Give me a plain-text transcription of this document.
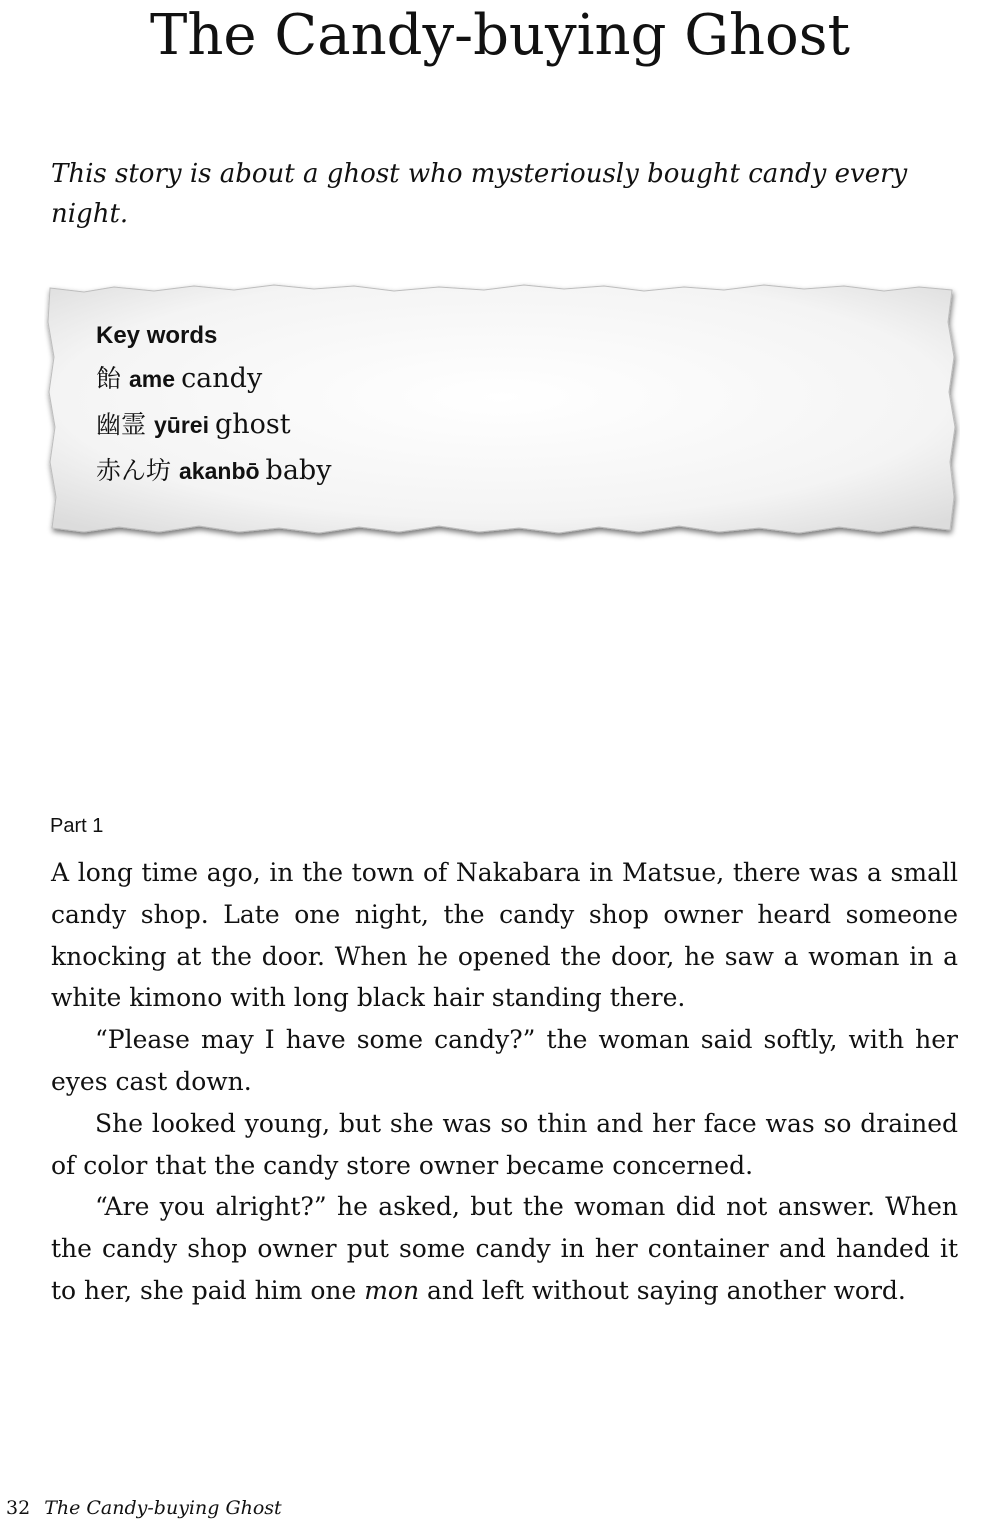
The Candy-buying Ghost

This story is about a ghost who mysteriously bought candy every night.

Key words

飴 ame candy

幽霊 yūrei ghost

赤ん坊 akanbō baby

Part 1

A long time ago, in the town of Nakabara in Matsue, there was a small candy shop. Late one night, the candy shop owner heard someone knocking at the door. When he opened the door, he saw a woman in a white kimono with long black hair standing there.

“Please may I have some candy?” the woman said softly, with her eyes cast down.

She looked young, but she was so thin and her face was so drained of color that the candy store owner became concerned.

“Are you alright?” he asked, but the woman did not answer. When the candy shop owner put some candy in her container and handed it to her, she paid him one mon and left without saying another word.

32 The Candy-buying Ghost
